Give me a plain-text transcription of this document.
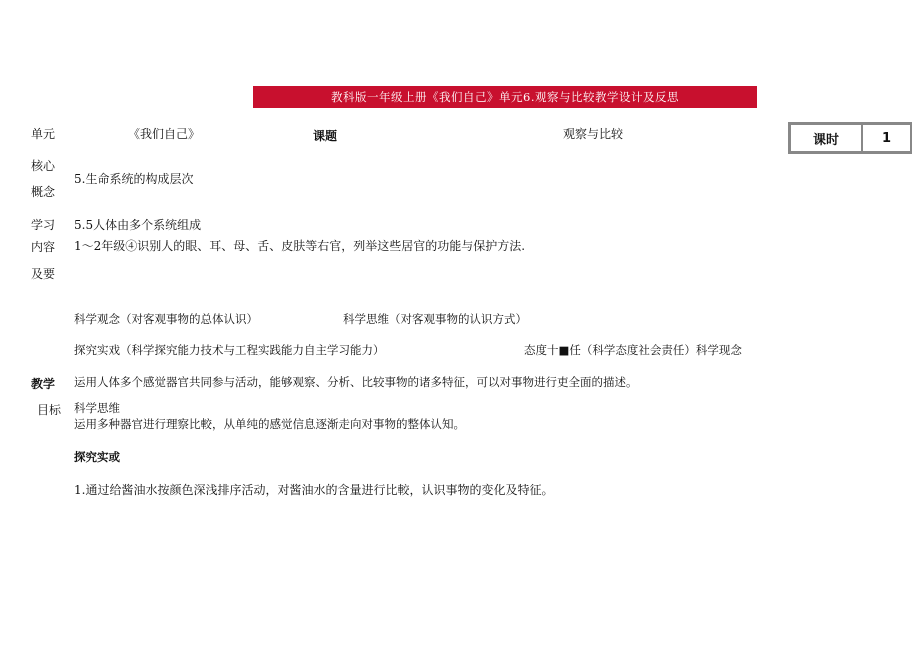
教科版一年级上册《我们自己》单元6.观察与比较教学设计及反思
单元	《我们自己》	课题	观察与比较	课时	1
核心
概念
5.生命系统的构成层次
学习
内容
及要
5.5人体由多个系统组成
1～2年级④识别人的眼、耳、母、舌、皮肤等右官，列举这些居官的功能与保护方法.
科学观念（对客观事物的总体认识）	科学思维（对客观事物的认识方式）
探究实戏（科学探究能力技术与工程实践能力自主学习能力）	态度十■任（科学态度社会责任）科学现念
教学
目标
运用人体多个感觉器官共同参与活动，能够观察、分析、比较事物的诸多特征，可以对事物进行吏全面的描述。
科学思维
运用多种器官进行理察比較，从单纯的感觉信息逐渐走向对事物的整体认知。
探究实或
1.通过给酱油水按颜色深浅排序活动，对酱油水的含量进行比較，认识事物的变化及特征。
